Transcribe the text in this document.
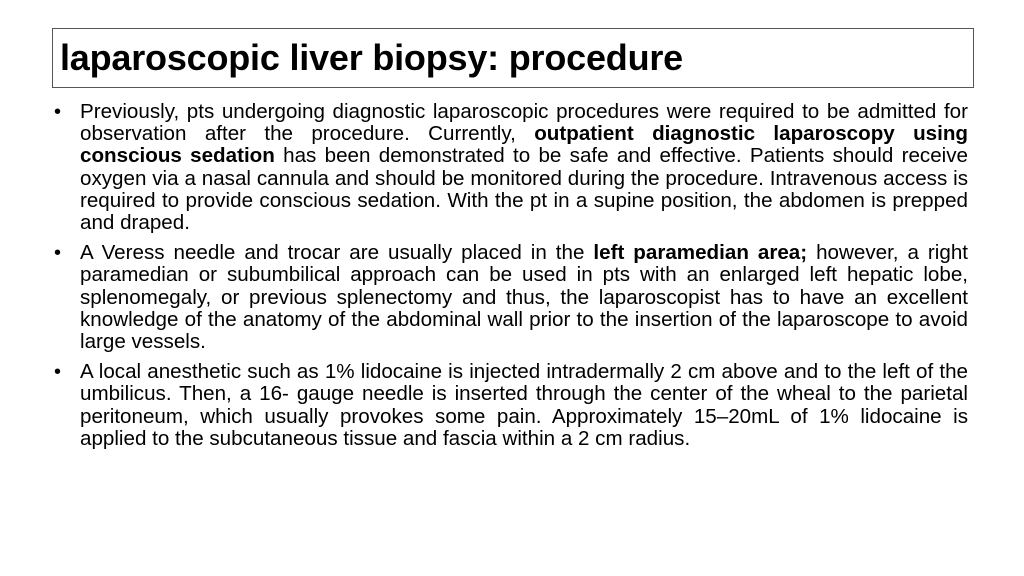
laparoscopic liver biopsy: procedure
• Previously, pts undergoing diagnostic laparoscopic procedures were required to be admitted for observation after the procedure. Currently, outpatient diagnostic laparoscopy using conscious sedation has been demonstrated to be safe and effective. Patients should receive oxygen via a nasal cannula and should be monitored during the procedure. Intravenous access is required to provide conscious sedation. With the pt in a supine position, the abdomen is prepped and draped.
• A Veress needle and trocar are usually placed in the left paramedian area; however, a right paramedian or subumbilical approach can be used in pts with an enlarged left hepatic lobe, splenomegaly, or previous splenectomy and thus, the laparoscopist has to have an excellent knowledge of the anatomy of the abdominal wall prior to the insertion of the laparoscope to avoid large vessels.
• A local anesthetic such as 1% lidocaine is injected intradermally 2 cm above and to the left of the umbilicus. Then, a 16- gauge needle is inserted through the center of the wheal to the parietal peritoneum, which usually provokes some pain. Approximately 15–20mL of 1% lidocaine is applied to the subcutaneous tissue and fascia within a 2 cm radius.
